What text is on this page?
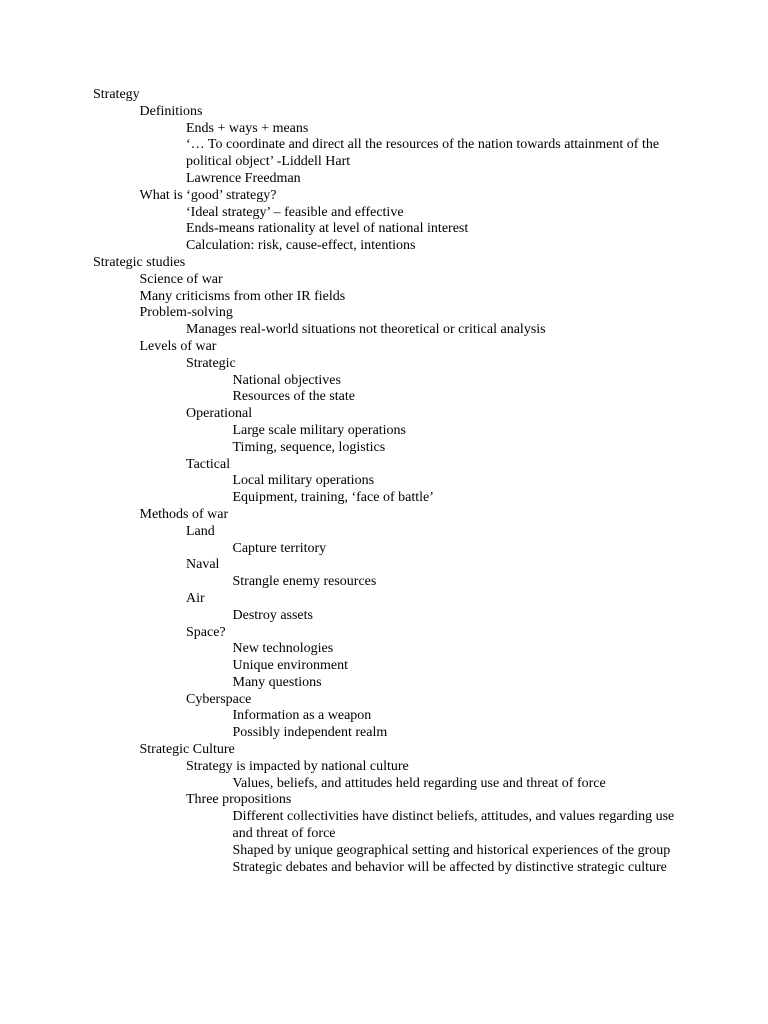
Strategy
Definitions
Ends + ways + means
‘… To coordinate and direct all the resources of the nation towards attainment of the political object’ -Liddell Hart
Lawrence Freedman
What is ‘good’ strategy?
‘Ideal strategy’ – feasible and effective
Ends-means rationality at level of national interest
Calculation: risk, cause-effect, intentions
Strategic studies
Science of war
Many criticisms from other IR fields
Problem-solving
Manages real-world situations not theoretical or critical analysis
Levels of war
Strategic
National objectives
Resources of the state
Operational
Large scale military operations
Timing, sequence, logistics
Tactical
Local military operations
Equipment, training, ‘face of battle’
Methods of war
Land
Capture territory
Naval
Strangle enemy resources
Air
Destroy assets
Space?
New technologies
Unique environment
Many questions
Cyberspace
Information as a weapon
Possibly independent realm
Strategic Culture
Strategy is impacted by national culture
Values, beliefs, and attitudes held regarding use and threat of force
Three propositions
Different collectivities have distinct beliefs, attitudes, and values regarding use and threat of force
Shaped by unique geographical setting and historical experiences of the group
Strategic debates and behavior will be affected by distinctive strategic culture
